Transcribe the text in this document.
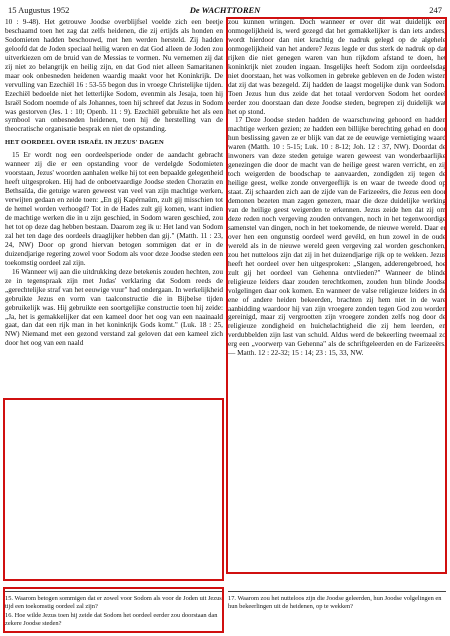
15 Augustus 1952	De WACHTTOREN	247

10 : 9-48). Het getrouwe Joodse overblijfsel voelde zich een beetje beschaamd toen het zag dat zelfs heidenen, die zij ertijds als honden en Sodomieten hadden beschouwd, met hen werden hersteld. Zij hadden geloofd dat de Joden speciaal heilig waren en dat God alleen de Joden zou uitverkiezen om de bruid van de Messias te vormen. Nu vernemen zij dat zij niet zo belangrijk en heilig zijn, en dat God niet alleen Samaritanen maar ook onbesneden heidenen waardig maakt voor het Koninkrijk. De vervulling van Ezechiël 16 : 53-55 begon dus in vroege Christelijke tijden. Ezechiël bedoelde niet het letterlijke Sodom, evenmin als Jesaja, toen hij Israël Sodom noemde of als Johannes, toen hij schreef dat Jezus in Sodom was gestorven (Jes. 1 : 10; Openb. 11 : 9). Ezechiël gebruikte het als een symbool van onbesneden heidenen, toen hij de herstelling van de theocratische organisatie besprak en niet de opstanding.

HET OORDEEL OVER ISRAËL IN JEZUS' DAGEN

15 Er wordt nog een oordeelsperiode onder de aandacht gebracht wanneer zij die er een opstanding voor de verdelgde Sodomieten voorstaan, Jezus' woorden aanhalen welke hij tot een bepaalde gelegenheid heeft uitgesproken. Hij had de onboetvaardige Joodse steden Chorazin en Bethsaïda, die getuige waren geweest van veel van zijn machtige werken, verwijten gedaan en zeide toen: „En gij Kapérnaüm, zult gij misschien tot de hemel worden verhoogd? Tot in de Hades zult gij komen, want indien de machtige werken die in u zijn geschied, in Sodom waren geschied, zou het tot op deze dag hebben bestaan. Daarom zeg ik u: Het land van Sodom zal het ten dage des oordeels draaglijker hebben dan gij." (Matth. 11 : 23, 24, NW) Door op grond hiervan betogen sommigen dat er in de duizendjarige regering zowel voor Sodom als voor deze Joodse steden een toekomstig oordeel zal zijn.

16 Wanneer wij aan die uitdrukking deze betekenis zouden hechten, zou ze in tegenspraak zijn met Judas' verklaring dat Sodom reeds de „gerechtelijke straf van het eeuwige vuur" had ondergaan. In werkelijkheid gebruikte Jezus en vorm van taalconstructie die in Bijbelse tijden gebruikelijk was. Hij gebruikte een soortgelijke constructie toen hij zeide: „Ja, het is gemakkelijker dat een kameel door het oog van een naainaald gaat, dan dat een rijk man in het koninkrijk Gods komt." (Luk. 18 : 25, NW) Niemand met een gezond verstand zal geloven dat een kameel zich door het oog van een naald

zou kunnen wringen. Doch wanneer er over dit wat duidelijk een onmogelijkheid is, werd gezegd dat het gemakkelijker is dan iets anders, wordt hierdoor dan niet krachtig de nadruk gelegd op de algehele onmogelijkheid van het andere? Jezus legde er dus sterk de nadruk op dat rijken die niet genegen waren van hun rijkdom afstand te doen, het koninkrijk niet zouden ingaan. Insgelijks heeft Sodom zijn oordeelsdag niet doorstaan, het was volkomen in gebreke gebleven en de Joden wisten dat zij dat was bezegeld. Zij hadden de laagst mogelijke dunk van Sodom. Toen Jezus hun dus zeide dat het totaal verdorven Sodom het oordeel eerder zou doorstaan dan deze Joodse steden, begrepen zij duidelijk wat het op stond.

17 Deze Joodse steden hadden de waarschuwing gehoord en hadden machtige werken gezien; ze hadden een billijke berechting gehad en door hun beslissing gaven ze er blijk van dat ze de eeuwige vernietiging waard waren (Matth. 10 : 5-15; Luk. 10 : 8-12; Joh. 12 : 37, NW). Doordat de inwoners van deze steden getuige waren geweest van wonderbaarlijke genezingen die door de macht van de heilige geest waren verricht, en zij toch weigerden de boodschap te aanvaarden, zondigden zij tegen de heilige geest, welke zonde onvergeeflijk is en waar de tweede dood op staat. Zij schaarden zich aan de zijde van de Farizeeërs, die Jezus een door demonen bezeten man zagen genezen, maar die deze duidelijke werking van de heilige geest weigerden te erkennen. Jezus zeide hen dat zij om deze reden noch vergeving zouden ontvangen, noch in het tegenwoordige samenstel van dingen, noch in het toekomende, de nieuwe wereld. Daar er over hen een ongunstig oordeel werd gevéld, en hun zowel in de oude wereld als in de nieuwe wereld geen vergeving zal worden geschonken, zou het nutteloos zijn dat zij in het duizendjarige rijk op te wekken. Jezus heeft het oordeel over hen uitgesproken: „Slangen, adderengebroed, hoe zult gij het oordeel van Gehenna ontvlieden?" Wanneer de blinde religieuze leiders daar zouden terechtkomen, zouden hun blinde Joodse volgelingen daar ook komen. En wanneer de valse religieuze leiders in de ene of andere heiden bekeerden, brachten zij hem niet in de ware aanbidding waardoor hij van zijn vroegere zonden tegen God zou worden gereinigd, maar zij vergrootten zijn vroegere zonden zelfs nog door de religieuze zondigheid en huichelachtigheid die zij hem leerden, en verdubbelden zijn last van schuld. Aldus werd de bekeerling tweemaal zo erg een „voorwerp van Gehenna" als de schriftgeleerden en de Farizeeërs. — Matth. 12 : 22-32; 15 : 14; 23 : 15, 33, NW.

15. Waarom betogen sommigen dat er zowel voor Sodom als voor de Joden uit Jezus' tijd een toekomstig oordeel zal zijn?
16. Hoe wilde Jezus toen hij zeide dat Sodom het oordeel eerder zou doorstaan dan zekere Joodse steden?
17. Waarom zou het nutteloos zijn die Joodse geleerden, hun Joodse volgelingen en hun bekeerlingen uit de heidenen, op te wekken?
